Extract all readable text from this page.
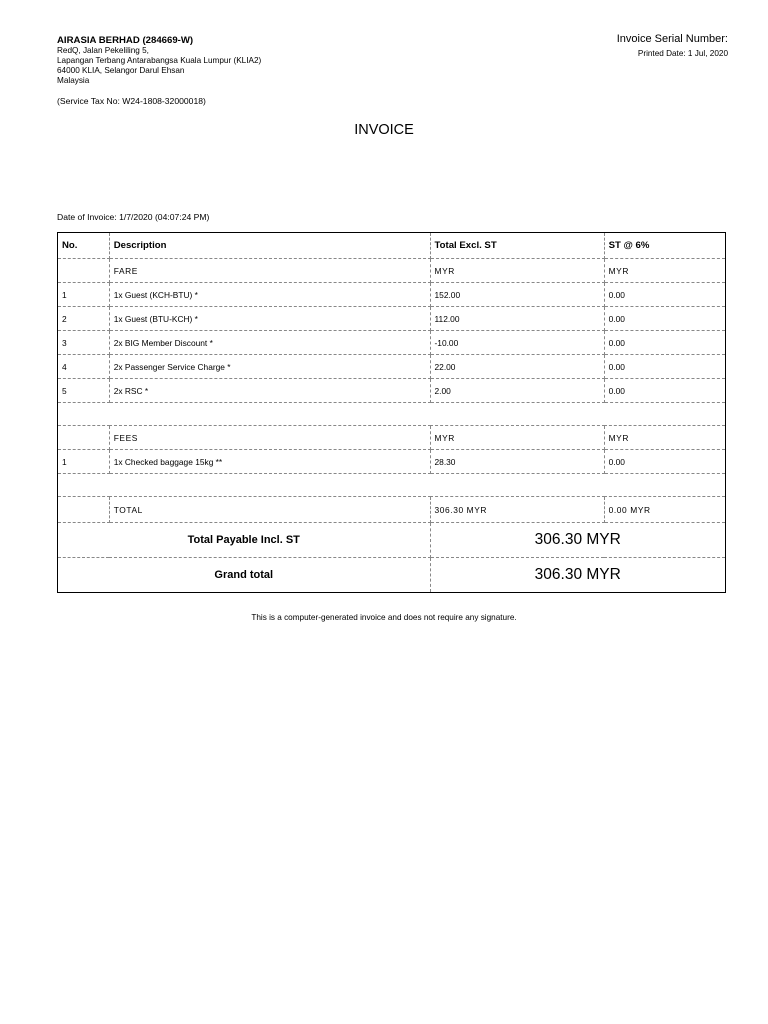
AIRASIA BERHAD (284669-W)
RedQ, Jalan Pekeliling 5,
Lapangan Terbang Antarabangsa Kuala Lumpur (KLIA2)
64000 KLIA, Selangor Darul Ehsan
Malaysia
(Service Tax No: W24-1808-32000018)
Invoice Serial Number:
Printed Date: 1 Jul, 2020
INVOICE
Date of Invoice: 1/7/2020 (04:07:24 PM)
No.	Description	Total Excl. ST	ST @ 6%
	FARE	MYR	MYR
1	1x Guest (KCH-BTU) *	152.00	0.00
2	1x Guest (BTU-KCH) *	112.00	0.00
3	2x BIG Member Discount *	-10.00	0.00
4	2x Passenger Service Charge *	22.00	0.00
5	2x RSC *	2.00	0.00

	FEES	MYR	MYR
1	1x Checked baggage 15kg **	28.30	0.00

	TOTAL	306.30 MYR	0.00 MYR
Total Payable Incl. ST		306.30 MYR	
Grand total		306.30 MYR	
This is a computer-generated invoice and does not require any signature.
